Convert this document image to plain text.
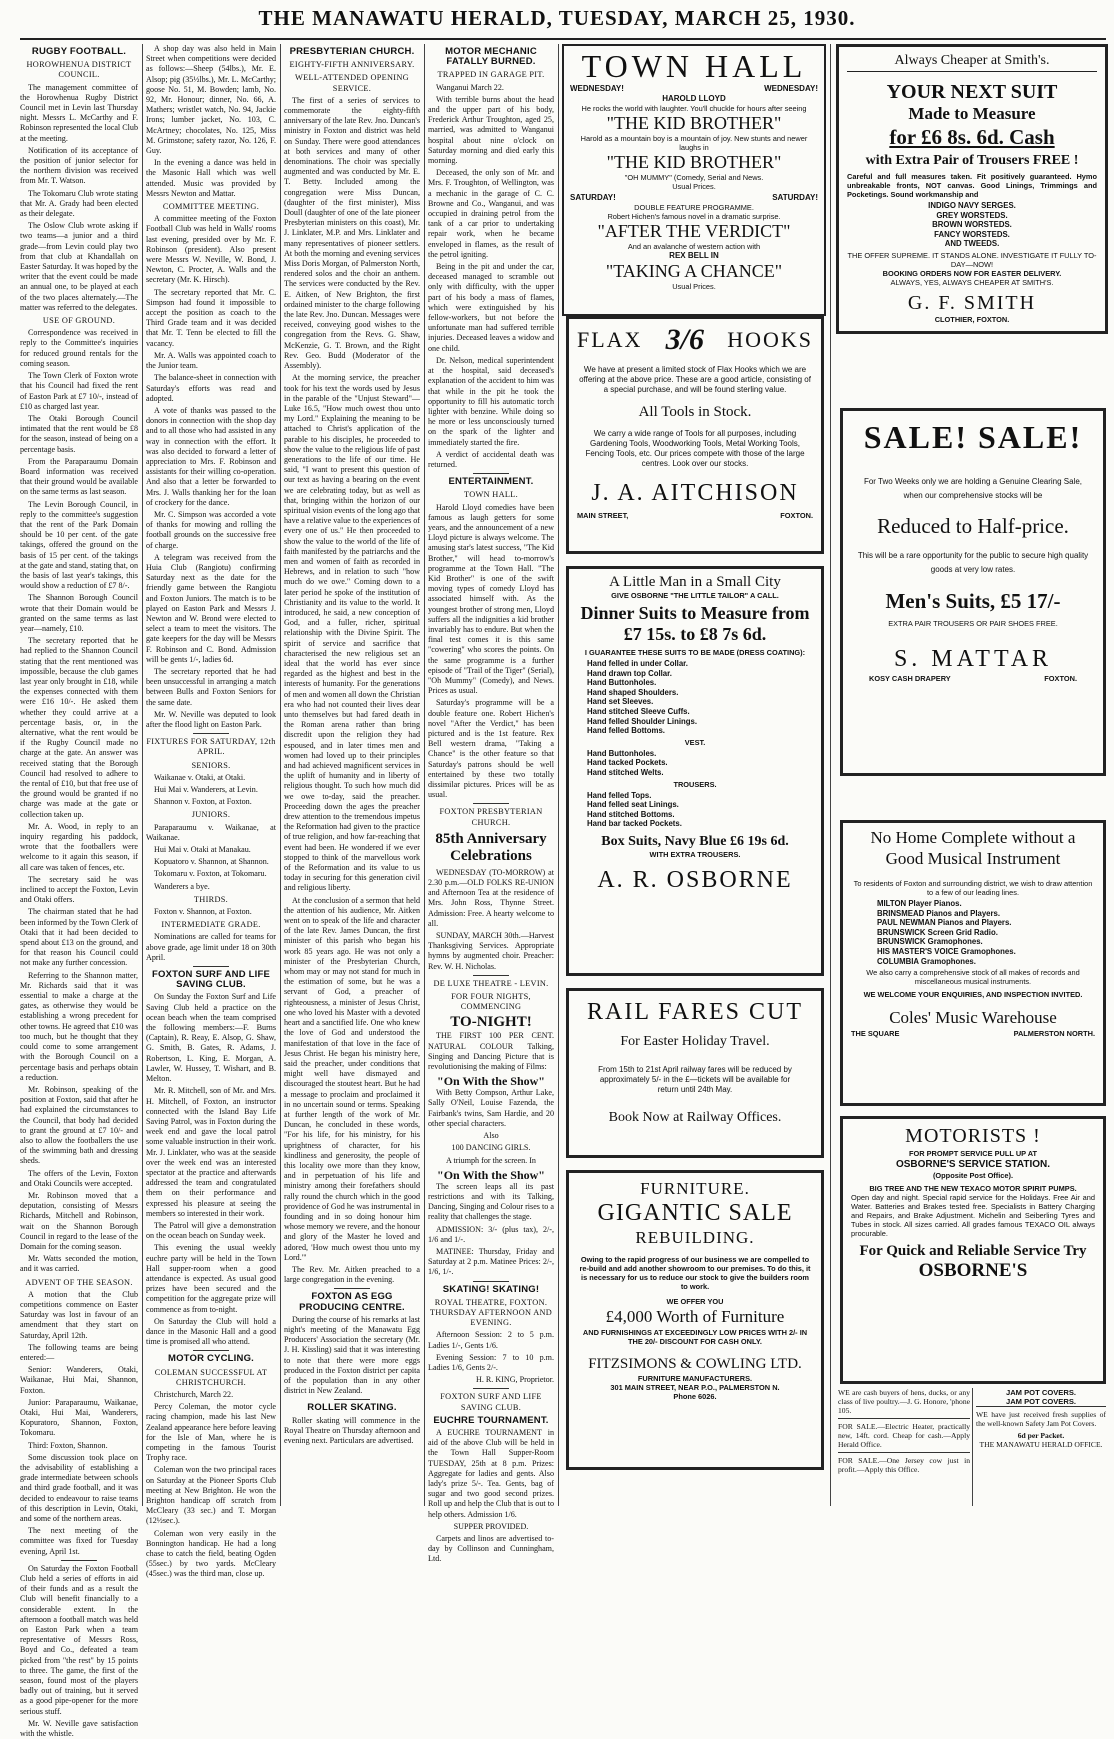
THE MANAWATU HERALD, TUESDAY, MARCH 25, 1930.
RUGBY FOOTBALL.
HOROWHENUA DISTRICT COUNCIL.

The management committee of the Horowhenua Rugby District Council met in Levin last Thursday night. Messrs L. McCarthy and F. Robinson represented the local Club at the meeting.

Notification of its acceptance of the position of junior selector for the northern division was received from Mr. T. Watson.

The Tokomaru Club wrote stating that Mr. A. Grady had been elected as their delegate.

The Oslow Club wrote asking if two teams—a junior and a third grade—from Levin could play two from that club at Khandallah on Easter Saturday. It was hoped by the writer that the event could be made an annual one, to be played at each of the two places alternately.—The matter was referred to the delegates.

USE OF GROUND.

Correspondence was received in reply to the Committee's inquiries for reduced ground rentals for the coming season.

The Town Clerk of Foxton wrote that his Council had fixed the rent of Easton Park at £7 10/-, instead of £10 as charged last year.

The Otaki Borough Council intimated that the rent would be £8 for the season, instead of being on a percentage basis.

From the Paraparaumu Domain Board information was received that their ground would be available on the same terms as last season.

The Levin Borough Council, in reply to the committee's suggestion that the rent of the Park Domain should be 10 per cent. of the gate takings, offered the ground on the basis of 15 per cent. of the takings at the gate and stand, stating that, on the basis of last year's takings, this would show a reduction of £7 8/-.

The Shannon Borough Council wrote that their Domain would be granted on the same terms as last year—namely, £10.

The secretary reported that he had replied to the Shannon Council stating that the rent mentioned was impossible, because the club games last year only brought in £18, while the expenses connected with them were £16 10/-. He asked them whether they could arrive at a percentage basis, or, in the alternative, what the rent would be if the Rugby Council made no charge at the gate. An answer was received stating that the Borough Council had resolved to adhere to the rental of £10, but that free use of the ground would be granted if no charge was made at the gate or collection taken up.

Mr. A. Wood, in reply to an inquiry regarding his paddock, wrote that the footballers were welcome to it again this season, if all care was taken of fences, etc.

The secretary said he was inclined to accept the Foxton, Levin and Otaki offers.

The chairman stated that he had been informed by the Town Clerk of Otaki that it had been decided to spend about £13 on the ground, and for that reason his Council could not make any further concession.

Referring to the Shannon matter, Mr. Richards said that it was essential to make a charge at the gates, as otherwise they would be establishing a wrong precedent for other towns. He agreed that £10 was too much, but he thought that they could come to some arrangement with the Borough Council on a percentage basis and perhaps obtain a reduction.

Mr. Robinson, speaking of the position at Foxton, said that after he had explained the circumstances to the Council, that body had decided to grant the ground at £7 10/- and also to allow the footballers the use of the swimming bath and dressing sheds.

The offers of the Levin, Foxton and Otaki Councils were accepted.

Mr. Robinson moved that a deputation, consisting of Messrs Richards, Mitchell and Robinson, wait on the Shannon Borough Council in regard to the lease of the Domain for the coming season.

Mr. Watts seconded the motion, and it was carried.

ADVENT OF THE SEASON.

A motion that the Club competitions commence on Easter Saturday was lost in favour of an amendment that they start on Saturday, April 12th.

The following teams are being entered:—

Senior: Wanderers, Otaki, Waikanae, Hui Mai, Shannon, Foxton.

Junior: Paraparaumu, Waikanae, Otaki, Hui Mai, Wanderers, Kopuratoro, Shannon, Foxton, Tokomaru.

Third: Foxton, Shannon.

Some discussion took place on the advisability of establishing a grade intermediate between schools and third grade football, and it was decided to endeavour to raise teams of this description in Levin, Otaki, and some of the northern areas.

The next meeting of the committee was fixed for Tuesday evening, April 1st.

On Saturday the Foxton Football Club held a series of efforts in aid of their funds and as a result the Club will benefit financially to a considerable extent. In the afternoon a football match was held on Easton Park when a team representative of Messrs Ross, Boyd and Co., defeated a team picked from "the rest" by 15 points to three. The game, the first of the season, found most of the players badly out of training, but it served as a good pipe-opener for the more serious stuff.

Mr. W. Neville gave satisfaction with the whistle.

A shop day was also held in Main Street when competitions were decided as follows:—Sheep (54lbs.), Mr. E. Alsop; pig (35½lbs.), Mr. L. McCarthy; goose No. 51, M. Bowden; lamb, No. 92, Mr. Honour; dinner, No. 66, A. Mathers; wristlet watch, No. 94, Jackie Irons; lumber jacket, No. 103, C. McArtney; chocolates, No. 125, Miss M. Grimstone; safety razor, No. 126, F. Guy.

In the evening a dance was held in the Masonic Hall which was well attended. Music was provided by Messrs Newton and Mattar.

COMMITTEE MEETING.

A committee meeting of the Foxton Football Club was held in Walls' rooms last evening, presided over by Mr. F. Robinson (president). Also present were Messrs W. Neville, W. Bond, J. Newton, C. Procter, A. Walls and the secretary (Mr. K. Hirsch).

The secretary reported that Mr. C. Simpson had found it impossible to accept the position as coach to the Third Grade team and it was decided that Mr. T. Tenn be elected to fill the vacancy.

Mr. A. Walls was appointed coach to the Junior team.

The balance-sheet in connection with Saturday's efforts was read and adopted.

A vote of thanks was passed to the donors in connection with the shop day and to all those who had assisted in any way in connection with the effort. It was also decided to forward a letter of appreciation to Mrs. F. Robinson and assistants for their willing co-operation. And also that a letter be forwarded to Mrs. J. Walls thanking her for the loan of crockery for the dance.

Mr. C. Simpson was accorded a vote of thanks for mowing and rolling the football grounds on the successive free of charge.

A telegram was received from the Huia Club (Rangiotu) confirming Saturday next as the date for the friendly game between the Rangiotu and Foxton Juniors. The match is to be played on Easton Park and Messrs J. Newton and W. Brond were elected to select a team to meet the visitors. The gate keepers for the day will be Messrs F. Robinson and C. Bond. Admission will be gents 1/-, ladies 6d.

The secretary reported that he had been unsuccessful in arranging a match between Bulls and Foxton Seniors for the same date.

Mr. W. Neville was deputed to look after the flood light on Easton Park.

FIXTURES FOR SATURDAY, 12th APRIL.
SENIORS.

Waikanae v. Otaki, at Otaki.

Hui Mai v. Wanderers, at Levin.

Shannon v. Foxton, at Foxton.

JUNIORS.

Paraparaumu v. Waikanae, at Waikanae.

Hui Mai v. Otaki at Manakau.

Kopuatoro v. Shannon, at Shannon.

Tokomaru v. Foxton, at Tokomaru.

Wanderers a bye.

THIRDS.

Foxton v. Shannon, at Foxton.

INTERMEDIATE GRADE.

Nominations are called for teams for above grade, age limit under 18 on 30th April.

FOXTON SURF AND LIFE SAVING CLUB.

On Sunday the Foxton Surf and Life Saving Club held a practice on the ocean beach when the team comprised the following members:—F. Burns (Captain), R. Reay, E. Alsop, G. Shaw, G. Smith, B. Gates, R. Adams, J. Robertson, L. King, E. Morgan, A. Lawler, W. Hussey, T. Wishart, and B. Melton.

Mr. R. Mitchell, son of Mr. and Mrs. H. Mitchell, of Foxton, an instructor connected with the Island Bay Life Saving Patrol, was in Foxton during the week end and gave the local patrol some valuable instruction in their work. Mr. J. Linklater, who was at the seaside over the week end was an interested spectator at the practice and afterwards addressed the team and congratulated them on their performance and expressed his pleasure at seeing the members so interested in their work.

The Patrol will give a demonstration on the ocean beach on Sunday week.

This evening the usual weekly euchre party will be held in the Town Hall supper-room when a good attendance is expected. As usual good prizes have been secured and the competition for the aggregate prize will commence as from to-night.

On Saturday the Club will hold a dance in the Masonic Hall and a good time is promised all who attend.

MOTOR CYCLING.
COLEMAN SUCCESSFUL AT CHRISTCHURCH.

Christchurch, March 22.

Percy Coleman, the motor cycle racing champion, made his last New Zealand appearance here before leaving for the Isle of Man, where he is competing in the famous Tourist Trophy race.

Coleman won the two principal races on Saturday at the Pioneer Sports Club meeting at New Brighton. He won the Brighton handicap off scratch from McCleary (33 sec.) and T. Morgan (12½sec.).

Coleman won very easily in the Bonnington handicap. He had a long chase to catch the field, beating Ogden (55sec.) by two yards. McCleary (45sec.) was the third man, close up.

PRESBYTERIAN CHURCH.
EIGHTY-FIFTH ANNIVERSARY.
WELL-ATTENDED OPENING SERVICE.

The first of a series of services to commemorate the eighty-fifth anniversary of the late Rev. Jno. Duncan's ministry in Foxton and district was held on Sunday. There were good attendances at both services and many of other denominations. The choir was specially augmented and was conducted by Mr. E. T. Betty. Included among the congregation were Miss Duncan, (daughter of the first minister), Miss Doull (daughter of one of the late pioneer Presbyterian ministers on this coast), Mr. J. Linklater, M.P. and Mrs. Linklater and many representatives of pioneer settlers. At both the morning and evening services Miss Doris Morgan, of Palmerston North, rendered solos and the choir an anthem. The services were conducted by the Rev. E. Aitken, of New Brighton, the first ordained minister to the charge following the late Rev. Jno. Duncan. Messages were received, conveying good wishes to the congregation from the Revs. G. Shaw, McKenzie, G. T. Brown, and the Right Rev. Geo. Budd (Moderator of the Assembly).

At the morning service, the preacher took for his text the words used by Jesus in the parable of the "Unjust Steward"—Luke 16.5, "How much owest thou unto my Lord." Explaining the meaning to be attached to Christ's application of the parable to his disciples, he proceeded to show the value to the religious life of past generations to the life of our time. He said, "I want to present this question of our text as having a bearing on the event we are celebrating today, but as well as that, bringing within the horizon of our spiritual vision events of the long ago that have a relative value to the experiences of every one of us." He then proceeded to show the value to the world of the life of faith manifested by the patriarchs and the men and women of faith as recorded in Hebrews, and in relation to such "how much do we owe." Coming down to a later period he spoke of the institution of Christianity and its value to the world. It introduced, he said, a new conception of God, and a fuller, richer, spiritual relationship with the Divine Spirit. The spirit of service and sacrifice that characterised the new religious set an ideal that the world has ever since regarded as the highest and best in the interests of humanity. For the generations of men and women all down the Christian era who had not counted their lives dear unto themselves but had fared death in the Roman arena rather than bring discredit upon the religion they had espoused, and in later times men and women had loved up to their principles and had achieved magnificent services in the uplift of humanity and in liberty of religious thought. To such how much did we owe to-day, said the preacher. Proceeding down the ages the preacher drew attention to the tremendous impetus the Reformation had given to the practice of true religion, and how far-reaching that event had been. He wondered if we ever stopped to think of the marvellous work of the Reformation and its value to us today in securing for this generation civil and religious liberty.

At the conclusion of a sermon that held the attention of his audience, Mr. Aitken went on to speak of the life and character of the late Rev. James Duncan, the first minister of this parish who began his work 85 years ago. He was not only a minister of the Presbyterian Church, whom may or may not stand for much in the estimation of some, but he was a servant of God, a preacher of righteousness, a minister of Jesus Christ, one who loved his Master with a devoted heart and a sanctified life. One who knew the love of God and understood the manifestation of that love in the face of Jesus Christ. He began his ministry here, said the preacher, under conditions that might well have dismayed and discouraged the stoutest heart. But he had a message to proclaim and proclaimed it in no uncertain sound or terms. Speaking at further length of the work of Mr. Duncan, he concluded in these words, "For his life, for his ministry, for his uprightness of character, for his kindliness and generosity, the people of this locality owe more than they know, and in perpetuation of his life and ministry among their forefathers should rally round the church which in the good providence of God he was instrumental in founding and in so doing honour him whose memory we revere, and the honour and glory of the Master he loved and adored, 'How much owest thou unto my Lord.'"

The Rev. Mr. Aitken preached to a large congregation in the evening.

FOXTON AS EGG PRODUCING CENTRE.

During the course of his remarks at last night's meeting of the Manawatu Egg Producers' Association the secretary (Mr. J. H. Kissling) said that it was interesting to note that there were more eggs produced in the Foxton district per capita of the population than in any other district in New Zealand.

ROLLER SKATING.

Roller skating will commence in the Royal Theatre on Thursday afternoon and evening next. Particulars are advertised.

MOTOR MECHANIC FATALLY BURNED.
TRAPPED IN GARAGE PIT.

Wanganui March 22.

With terrible burns about the head and the upper part of his body, Frederick Arthur Troughton, aged 25, married, was admitted to Wanganui hospital about nine o'clock on Saturday morning and died early this morning.

Deceased, the only son of Mr. and Mrs. F. Troughton, of Wellington, was a mechanic in the garage of C. C. Browne and Co., Wanganui, and was occupied in draining petrol from the tank of a car prior to undertaking repair work, when he became enveloped in flames, as the result of the petrol igniting.

Being in the pit and under the car, deceased managed to scramble out only with difficulty, with the upper part of his body a mass of flames, which were extinguished by his fellow-workers, but not before the unfortunate man had suffered terrible injuries. Deceased leaves a widow and one child.

Dr. Nelson, medical superintendent at the hospital, said deceased's explanation of the accident to him was that while in the pit he took the opportunity to fill his automatic torch lighter with benzine. While doing so he more or less unconsciously turned on the spark of the lighter and immediately started the fire.

A verdict of accidental death was returned.

ENTERTAINMENT.
TOWN HALL.

Harold Lloyd comedies have been famous as laugh getters for some years, and the announcement of a new Lloyd picture is always welcome. The amusing star's latest success, "The Kid Brother," will head to-morrow's programme at the Town Hall. "The Kid Brother" is one of the swift moving types of comedy Lloyd has associated himself with. As the youngest brother of strong men, Lloyd suffers all the indignities a kid brother invariably has to endure. But when the final test comes it is this same "cowering" who scores the points. On the same programme is a further episode of "Trail of the Tiger" (Serial), "Oh Mummy" (Comedy), and News. Prices as usual.

Saturday's programme will be a double feature one. Robert Hichen's novel "After the Verdict," has been pictured and is the 1st feature. Rex Bell western drama, "Taking a Chance" is the other feature so that Saturday's patrons should be well entertained by these two totally dissimilar pictures. Prices will be as usual.

FOXTON PRESBYTERIAN CHURCH.
85th Anniversary Celebrations

WEDNESDAY (TO-MORROW) at 2.30 p.m.—OLD FOLKS RE-UNION and Afternoon Tea at the residence of Mrs. John Ross, Thynne Street. Admission: Free. A hearty welcome to all.

SUNDAY, MARCH 30th.—Harvest Thanksgiving Services. Appropriate hymns by augmented choir. Preacher: Rev. W. H. Nicholas.

DE LUXE THEATRE - LEVIN.
FOR FOUR NIGHTS, COMMENCING
TO-NIGHT!

THE FIRST 100 PER CENT. NATURAL COLOUR Talking, Singing and Dancing Picture that is revolutionising the making of Films:

"On With the Show"

With Betty Compson, Arthur Lake, Sally O'Neil, Louise Fazenda, the Fairbank's twins, Sam Hardie, and 20 other special characters.

Also

100 DANCING GIRLS.

A triumph for the screen. In

"On With the Show"

The screen leaps all its past restrictions and with its Talking, Dancing, Singing and Colour rises to a reality that challenges the stage.

ADMISSION: 3/- (plus tax), 2/-, 1/6 and 1/-.

MATINEE: Thursday, Friday and Saturday at 2 p.m. Matinee Prices: 2/-, 1/6, 1/-.

SKATING! SKATING!
ROYAL THEATRE, FOXTON. THURSDAY AFTERNOON AND EVENING.

Afternoon Session: 2 to 5 p.m. Ladies 1/-, Gents 1/6.

Evening Session: 7 to 10 p.m. Ladies 1/6, Gents 2/-.

H. R. KING, Proprietor.

FOXTON SURF AND LIFE SAVING CLUB.
EUCHRE TOURNAMENT.

A EUCHRE TOURNAMENT in aid of the above Club will be held in the Town Hall Supper-Room TUESDAY, 25th at 8 p.m. Prizes: Aggregate for ladies and gents. Also lady's prize 5/-. Tea. Gents, bag of sugar and two good second prizes. Roll up and help the Club that is out to help others. Admission 1/6.

SUPPER PROVIDED.

Carpets and linos are advertised to-day by Collinson and Cunningham, Ltd.

TOWN HALL
WEDNESDAY!	WEDNESDAY!
HAROLD LLOYD
He rocks the world with laughter. You'll chuckle for hours after seeing
"THE KID BROTHER"
Harold as a mountain boy is a mountain of joy. New stunts and newer laughs in
"THE KID BROTHER"
"OH MUMMY" (Comedy, Serial and News.
Usual Prices.
SATURDAY!	SATURDAY!
DOUBLE FEATURE PROGRAMME.
Robert Hichen's famous novel in a dramatic surprise.
"AFTER THE VERDICT"
And an avalanche of western action with
REX BELL IN
"TAKING A CHANCE"
Usual Prices.
FLAX 3/6 HOOKS
We have at present a limited stock of Flax Hooks which we are offering at the above price. These are a good article, consisting of a special purchase, and will be found sterling value.
All Tools in Stock.
We carry a wide range of Tools for all purposes, including Gardening Tools, Woodworking Tools, Metal Working Tools, Fencing Tools, etc. Our prices compete with those of the large centres. Look over our stocks.
J. A. AITCHISON
MAIN STREET,	FOXTON.
A Little Man in a Small City
GIVE OSBORNE "THE LITTLE TAILOR" A CALL.
Dinner Suits to Measure from £7 15s. to £8 7s 6d.
I GUARANTEE THESE SUITS TO BE MADE (DRESS COATING):
Hand felled in under Collar.
Hand drawn top Collar.
Hand Buttonholes.
Hand shaped Shoulders.
Hand set Sleeves.
Hand stitched Sleeve Cuffs.
Hand felled Shoulder Linings.
Hand felled Bottoms.
VEST.
Hand Buttonholes.
Hand tacked Pockets.
Hand stitched Welts.
TROUSERS.
Hand felled Tops.
Hand felled seat Linings.
Hand stitched Bottoms.
Hand bar tacked Pockets.
Box Suits, Navy Blue £6 19s 6d.
WITH EXTRA TROUSERS.
A. R. OSBORNE
RAIL FARES CUT
For Easter Holiday Travel.
From 15th to 21st April railway fares will be reduced by approximately 5/- in the £—tickets will be available for return until 24th May.
Book Now at Railway Offices.
FURNITURE.
GIGANTIC SALE
REBUILDING.
Owing to the rapid progress of our business we are compelled to re-build and add another showroom to our premises. To do this, it is necessary for us to reduce our stock to give the builders room to work.
WE OFFER YOU
£4,000 Worth of Furniture
AND FURNISHINGS AT EXCEEDINGLY LOW PRICES WITH 2/- IN THE 20/- DISCOUNT FOR CASH ONLY.
FITZSIMONS & COWLING LTD.
FURNITURE MANUFACTURERS.
301 MAIN STREET, NEAR P.O., PALMERSTON N.
Phone 6026.
Always Cheaper at Smith's.
YOUR NEXT SUIT
Made to Measure
for £6 8s. 6d. Cash
with Extra Pair of Trousers FREE !
Careful and full measures taken. Fit positively guaranteed. Hymo unbreakable fronts, NOT canvas. Good Linings, Trimmings and Pocketings. Sound workmanship and
INDIGO NAVY SERGES.
GREY WORSTEDS.
BROWN WORSTEDS.
FANCY WORSTEDS.
AND TWEEDS.
THE OFFER SUPREME. IT STANDS ALONE. INVESTIGATE IT FULLY TO-DAY—NOW!
BOOKING ORDERS NOW FOR EASTER DELIVERY.
ALWAYS, YES, ALWAYS CHEAPER AT SMITH'S.
G. F. SMITH
CLOTHIER, FOXTON.
SALE! SALE!
For Two Weeks only we are holding a Genuine Clearing Sale, when our comprehensive stocks will be
Reduced to Half-price.
This will be a rare opportunity for the public to secure high quality goods at very low rates.
Men's Suits, £5 17/-
EXTRA PAIR TROUSERS OR PAIR SHOES FREE.
S. MATTAR
KOSY CASH DRAPERY	FOXTON.
No Home Complete without a Good Musical Instrument
To residents of Foxton and surrounding district, we wish to draw attention to a few of our leading lines.
MILTON Player Pianos.
BRINSMEAD Pianos and Players.
PAUL NEWMAN Pianos and Players.
BRUNSWICK Screen Grid Radio.
BRUNSWICK Gramophones.
HIS MASTER'S VOICE Gramophones.
COLUMBIA Gramophones.
We also carry a comprehensive stock of all makes of records and miscellaneous musical instruments.
WE WELCOME YOUR ENQUIRIES, AND INSPECTION INVITED.
Coles' Music Warehouse
THE SQUARE	PALMERSTON NORTH.
MOTORISTS !
FOR PROMPT SERVICE PULL UP AT
OSBORNE'S SERVICE STATION.
(Opposite Post Office).
BIG TREE AND THE NEW TEXACO MOTOR SPIRIT PUMPS.
Open day and night. Special rapid service for the Holidays. Free Air and Water. Batteries and Brakes tested free. Specialists in Battery Charging and Repairs, and Brake Adjustment. Michelin and Seiberling Tyres and Tubes in stock. All sizes carried. All grades famous TEXACO OIL always procurable.
For Quick and Reliable Service Try
OSBORNE'S

WE are cash buyers of hens, ducks, or any class of live poultry.—J. G. Honore, 'phone 105.

FOR SALE.—Electric Heater, practically new, 14ft. cord. Cheap for cash.—Apply Herald Office.

FOR SALE.—One Jersey cow just in profit.—Apply this Office.

JAM POT COVERS.
JAM POT COVERS.

WE have just received fresh supplies of the well-known Safety Jam Pot Covers.

6d per Packet.
THE MANAWATU HERALD OFFICE.
